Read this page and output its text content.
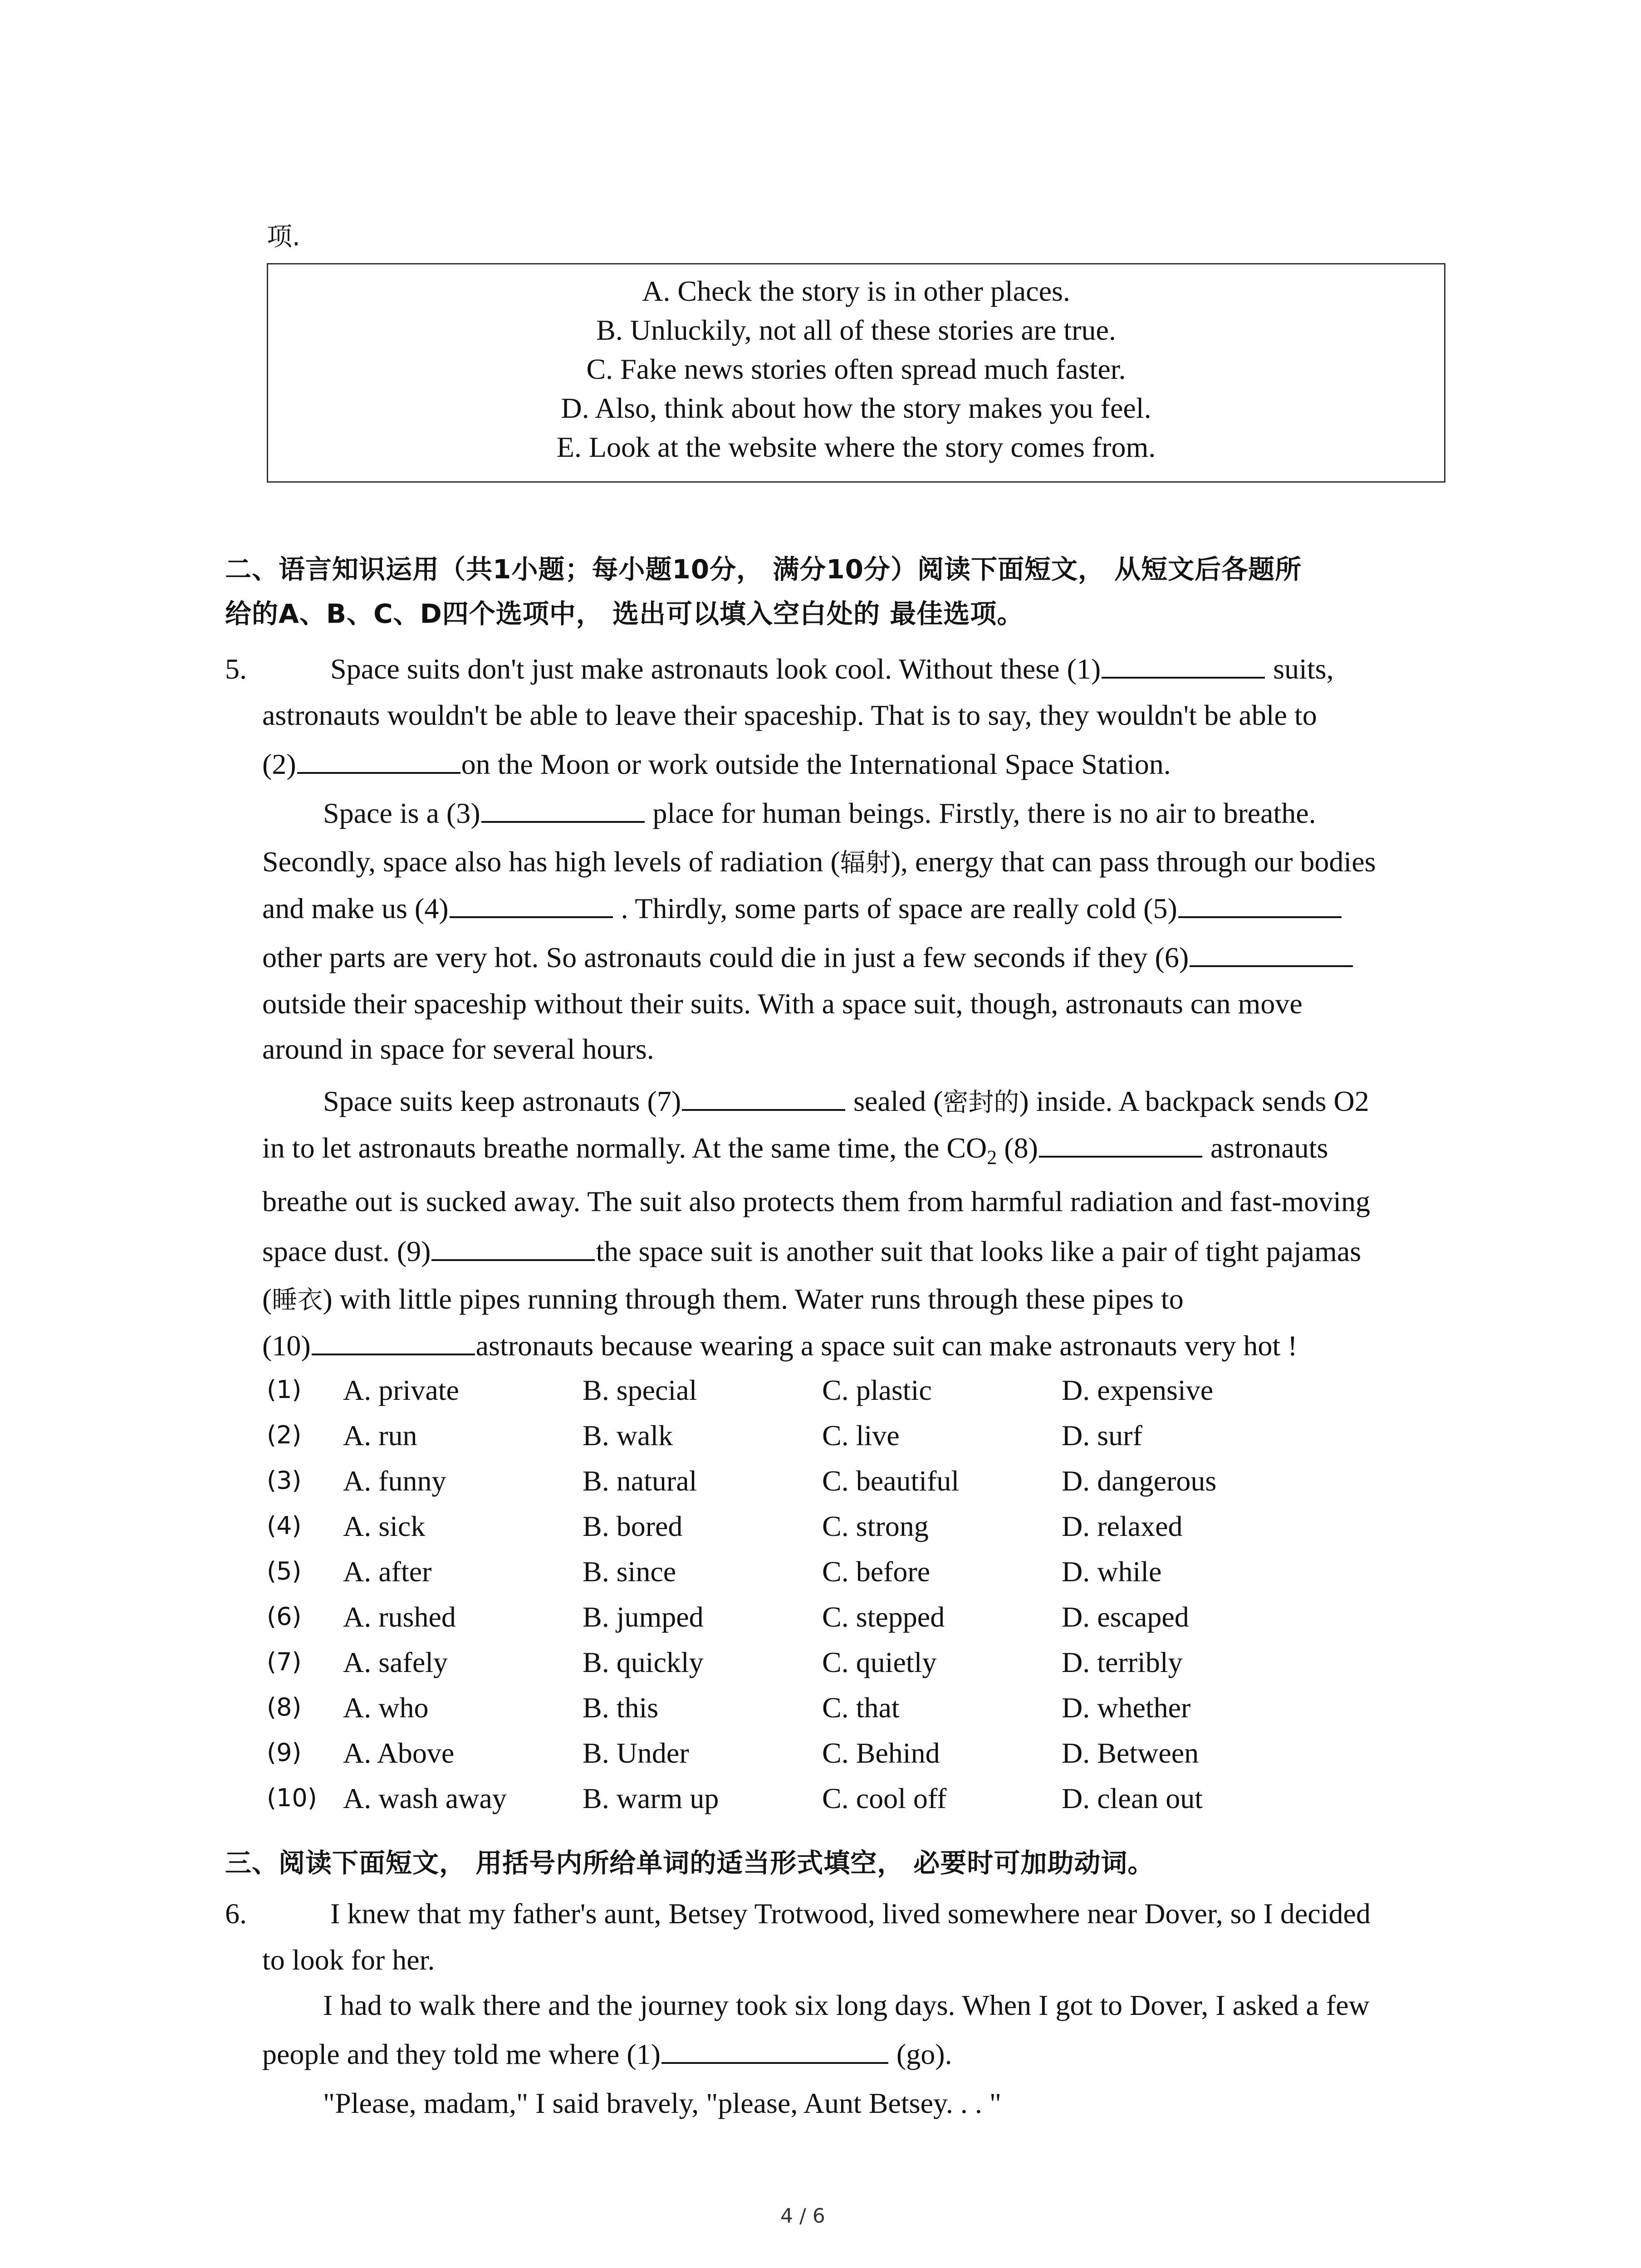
项.
A. Check the story is in other places.
B. Unluckily, not all of these stories are true.
C. Fake news stories often spread much faster.
D. Also, think about how the story makes you feel.
E. Look at the website where the story comes from.
二、语言知识运用（共1小题；每小题10分， 满分10分）阅读下面短文， 从短文后各题所
给的A、B、C、D四个选项中， 选出可以填入空白处的 最佳选项。
5.	Space suits don't just make astronauts look cool. Without these (1)	suits,
astronauts wouldn't be able to leave their spaceship. That is to say, they wouldn't be able to
(2)	on the Moon or work outside the International Space Station.
Space is a (3)	place for human beings. Firstly, there is no air to breathe.
Secondly, space also has high levels of radiation (辐射), energy that can pass through our bodies
and make us (4)	. Thirdly, some parts of space are really cold (5)
other parts are very hot. So astronauts could die in just a few seconds if they (6)
outside their spaceship without their suits. With a space suit, though, astronauts can move
around in space for several hours.
Space suits keep astronauts (7)	sealed (密封的) inside. A backpack sends O2
in to let astronauts breathe normally. At the same time, the $CO_2$ (8)	astronauts
breathe out is sucked away. The suit also protects them from harmful radiation and fast-moving
space dust. (9)	the space suit is another suit that looks like a pair of tight pajamas
(睡衣) with little pipes running through them. Water runs through these pipes to
(10)	astronauts because wearing a space suit can make astronauts very hot !
(1) A. private	B. special	C. plastic	D. expensive
(2) A. run	B. walk	C. live	D. surf
(3) A. funny	B. natural	C. beautiful	D. dangerous
(4) A. sick	B. bored	C. strong	D. relaxed
(5) A. after	B. since	C. before	D. while
(6) A. rushed	B. jumped	C. stepped	D. escaped
(7) A. safely	B. quickly	C. quietly	D. terribly
(8) A. who	B. this	C. that	D. whether
(9) A. Above	B. Under	C. Behind	D. Between
(10) A. wash away	B. warm up	C. cool off	D. clean out
三、阅读下面短文， 用括号内所给单词的适当形式填空， 必要时可加助动词。
6.	I knew that my father's aunt, Betsey Trotwood, lived somewhere near Dover, so I decided
to look for her.
I had to walk there and the journey took six long days. When I got to Dover, I asked a few
people and they told me where (1)	(go).
"Please, madam," I said bravely, "please, Aunt Betsey. . . "
4 / 6
